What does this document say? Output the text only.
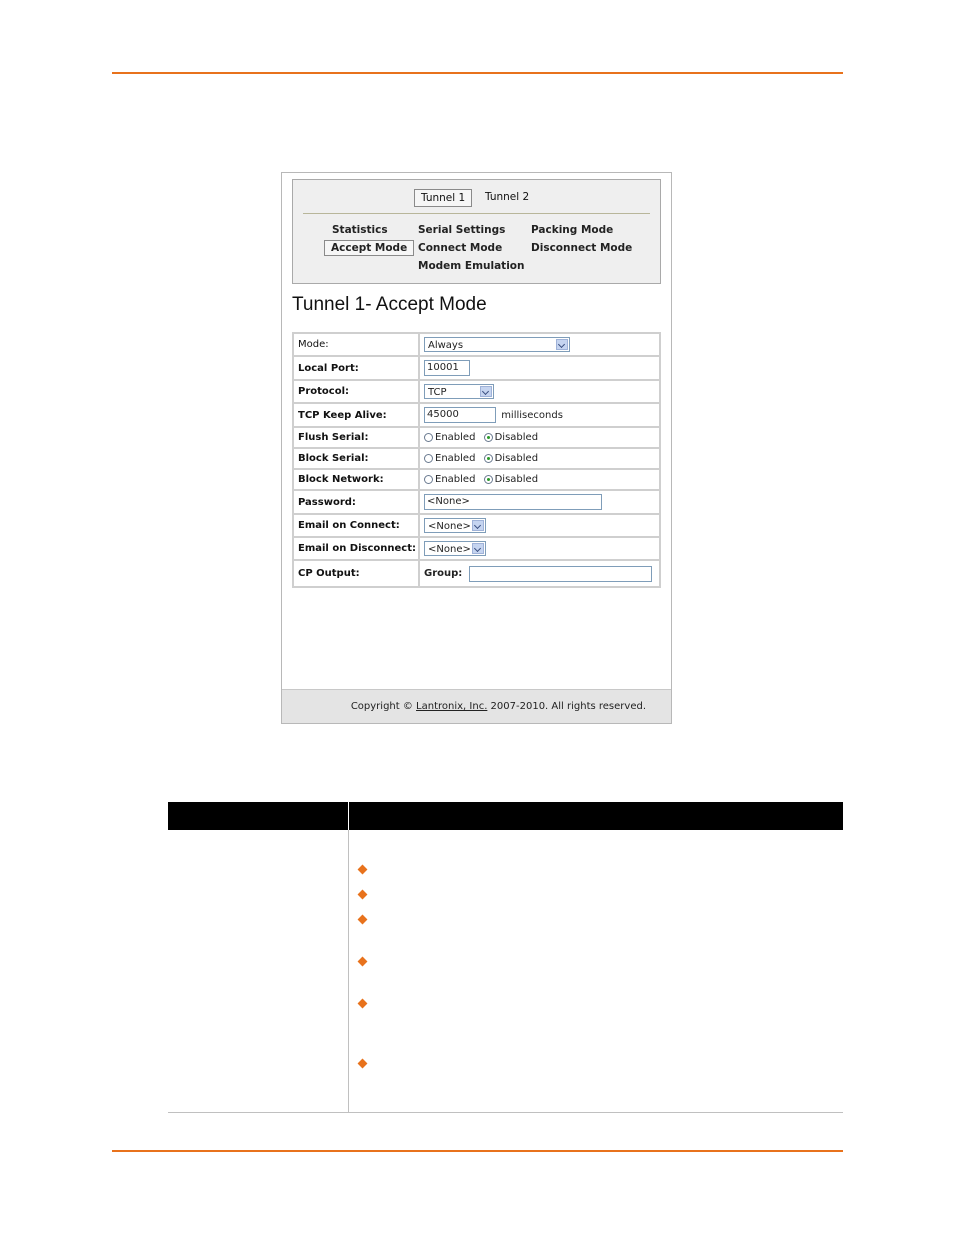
Tunnel 1	Tunnel 2
Statistics	Serial Settings Packing Mode
Accept Mode	Connect Mode	Disconnect Mode
Modem Emulation
Tunnel 1- Accept Mode
Mode:	Always

Local Port:	10001
Protocol:	TCP

TCP Keep Alive:	45000 milliseconds
Flush Serial:	Enabled Disabled
Block Serial:	Enabled Disabled
Block Network:	Enabled Disabled
Password:	<None>
Email on Connect:	<None>

Email on Disconnect:	<None>

CP Output:	Group:
Copyright © Lantronix, Inc. 2007-2010. All rights reserved.
